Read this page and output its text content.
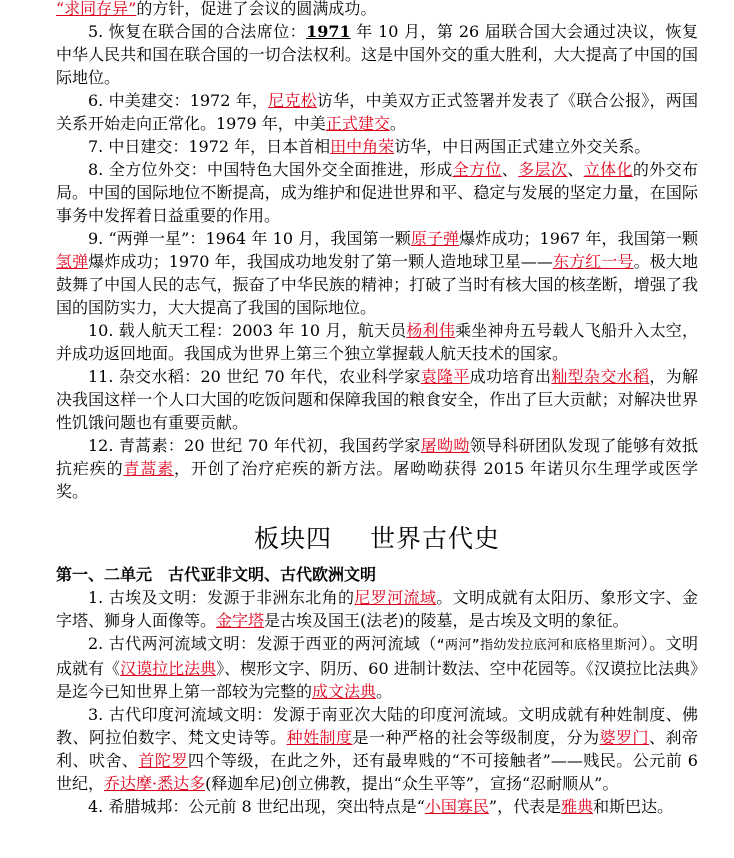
“求同存异”的方针，促进了会议的圆满成功。

5. 恢复在联合国的合法席位：1971 年 10 月，第 26 届联合国大会通过决议，恢复中华人民共和国在联合国的一切合法权利。这是中国外交的重大胜利，大大提高了中国的国际地位。

6. 中美建交：1972 年，尼克松访华，中美双方正式签署并发表了《联合公报》，两国关系开始走向正常化。1979 年，中美正式建交。

7. 中日建交：1972 年，日本首相田中角荣访华，中日两国正式建立外交关系。

8. 全方位外交：中国特色大国外交全面推进，形成全方位、多层次、立体化的外交布局。中国的国际地位不断提高，成为维护和促进世界和平、稳定与发展的坚定力量，在国际事务中发挥着日益重要的作用。

9. “两弹一星”：1964 年 10 月，我国第一颗原子弹爆炸成功；1967 年，我国第一颗氢弹爆炸成功；1970 年，我国成功地发射了第一颗人造地球卫星——东方红一号。极大地鼓舞了中国人民的志气，振奋了中华民族的精神；打破了当时有核大国的核垄断，增强了我国的国防实力，大大提高了我国的国际地位。

10. 载人航天工程：2003 年 10 月，航天员杨利伟乘坐神舟五号载人飞船升入太空，并成功返回地面。我国成为世界上第三个独立掌握载人航天技术的国家。

11. 杂交水稻：20 世纪 70 年代，农业科学家袁隆平成功培育出籼型杂交水稻，为解决我国这样一个人口大国的吃饭问题和保障我国的粮食安全，作出了巨大贡献；对解决世界性饥饿问题也有重要贡献。

12. 青蒿素：20 世纪 70 年代初，我国药学家屠呦呦领导科研团队发现了能够有效抵抗疟疾的青蒿素，开创了治疗疟疾的新方法。屠呦呦获得 2015 年诺贝尔生理学或医学奖。

板块四 世界古代史
第一、二单元　古代亚非文明、古代欧洲文明

1. 古埃及文明：发源于非洲东北角的尼罗河流域。文明成就有太阳历、象形文字、金字塔、狮身人面像等。金字塔是古埃及国王(法老)的陵墓，是古埃及文明的象征。

2. 古代两河流域文明：发源于西亚的两河流域（“两河”指幼发拉底河和底格里斯河）。文明成就有《汉谟拉比法典》、楔形文字、阴历、60 进制计数法、空中花园等。《汉谟拉比法典》是迄今已知世界上第一部较为完整的成文法典。

3. 古代印度河流域文明：发源于南亚次大陆的印度河流域。文明成就有种姓制度、佛教、阿拉伯数字、梵文史诗等。种姓制度是一种严格的社会等级制度，分为婆罗门、刹帝利、吠舍、首陀罗四个等级，在此之外，还有最卑贱的“不可接触者”——贱民。公元前 6 世纪，乔达摩·悉达多(释迦牟尼)创立佛教，提出“众生平等”，宣扬“忍耐顺从”。

4. 希腊城邦：公元前 8 世纪出现，突出特点是“小国寡民”，代表是雅典和斯巴达。
